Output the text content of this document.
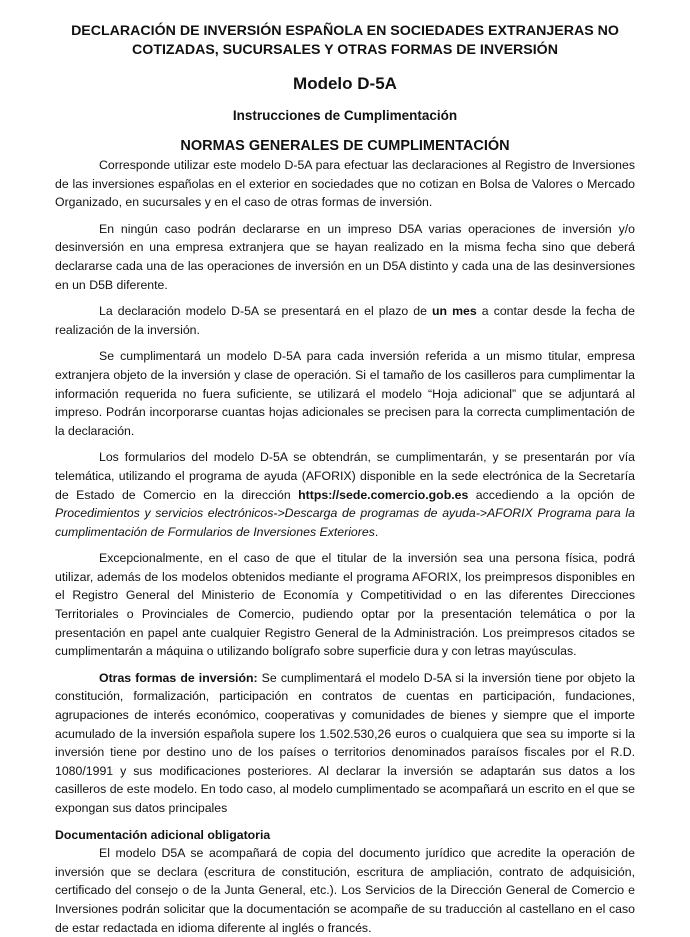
DECLARACIÓN DE INVERSIÓN ESPAÑOLA EN SOCIEDADES EXTRANJERAS NO COTIZADAS, SUCURSALES Y OTRAS FORMAS DE INVERSIÓN
Modelo D-5A
Instrucciones de Cumplimentación
NORMAS GENERALES DE CUMPLIMENTACIÓN

Corresponde utilizar este modelo D-5A para efectuar las declaraciones al Registro de Inversiones de las inversiones españolas en el exterior en sociedades que no cotizan en Bolsa de Valores o Mercado Organizado, en sucursales y en el caso de otras formas de inversión.

En ningún caso podrán declararse en un impreso D5A varias operaciones de inversión y/o desinversión en una empresa extranjera que se hayan realizado en la misma fecha sino que deberá declararse cada una de las operaciones de inversión en un D5A distinto y cada una de las desinversiones en un D5B diferente.

La declaración modelo D-5A se presentará en el plazo de un mes a contar desde la fecha de realización de la inversión.

Se cumplimentará un modelo D-5A para cada inversión referida a un mismo titular, empresa extranjera objeto de la inversión y clase de operación. Si el tamaño de los casilleros para cumplimentar la información requerida no fuera suficiente, se utilizará el modelo “Hoja adicional” que se adjuntará al impreso. Podrán incorporarse cuantas hojas adicionales se precisen para la correcta cumplimentación de la declaración.

Los formularios del modelo D-5A se obtendrán, se cumplimentarán, y se presentarán por vía telemática, utilizando el programa de ayuda (AFORIX) disponible en la sede electrónica de la Secretaría de Estado de Comercio en la dirección https://sede.comercio.gob.es accediendo a la opción de Procedimientos y servicios electrónicos->Descarga de programas de ayuda->AFORIX Programa para la cumplimentación de Formularios de Inversiones Exteriores.

Excepcionalmente, en el caso de que el titular de la inversión sea una persona física, podrá utilizar, además de los modelos obtenidos mediante el programa AFORIX, los preimpresos disponibles en el Registro General del Ministerio de Economía y Competitividad o en las diferentes Direcciones Territoriales o Provinciales de Comercio, pudiendo optar por la presentación telemática o por la presentación en papel ante cualquier Registro General de la Administración. Los preimpresos citados se cumplimentarán a máquina o utilizando bolígrafo sobre superficie dura y con letras mayúsculas.

Otras formas de inversión: Se cumplimentará el modelo D-5A si la inversión tiene por objeto la constitución, formalización, participación en contratos de cuentas en participación, fundaciones, agrupaciones de interés económico, cooperativas y comunidades de bienes y siempre que el importe acumulado de la inversión española supere los 1.502.530,26 euros o cualquiera que sea su importe si la inversión tiene por destino uno de los países o territorios denominados paraísos fiscales por el R.D. 1080/1991 y sus modificaciones posteriores. Al declarar la inversión se adaptarán sus datos a los casilleros de este modelo. En todo caso, al modelo cumplimentado se acompañará un escrito en el que se expongan sus datos principales

Documentación adicional obligatoria

El modelo D5A se acompañará de copia del documento jurídico que acredite la operación de inversión que se declara (escritura de constitución, escritura de ampliación, contrato de adquisición, certificado del consejo o de la Junta General, etc.). Los Servicios de la Dirección General de Comercio e Inversiones podrán solicitar que la documentación se acompañe de su traducción al castellano en el caso de estar redactada en idioma diferente al inglés o francés.
